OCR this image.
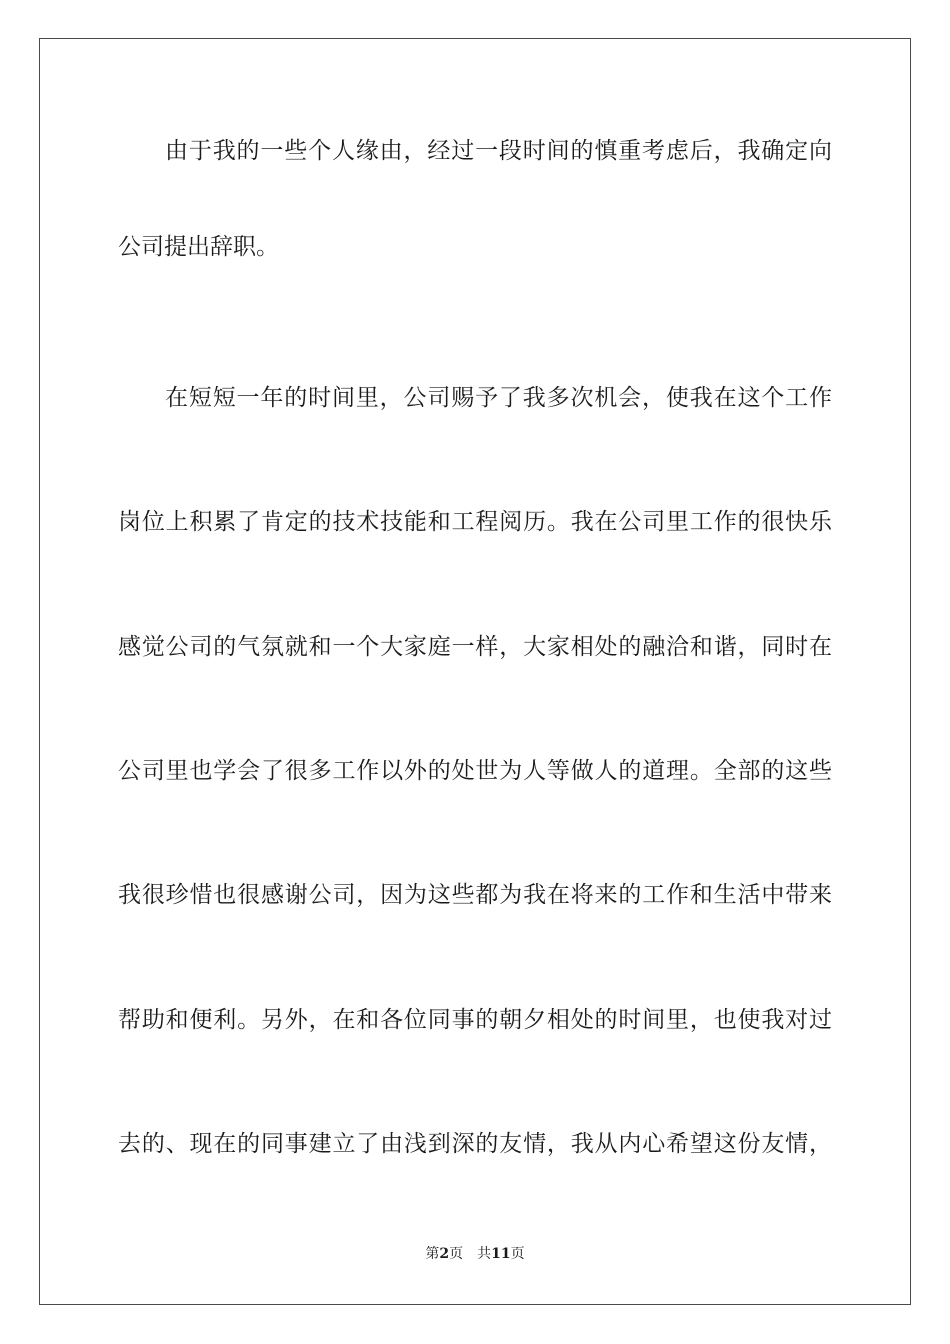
由于我的一些个人缘由，经过一段时间的慎重考虑后，我确定向
公司提出辞职。
在短短一年的时间里，公司赐予了我多次机会，使我在这个工作
岗位上积累了肯定的技术技能和工程阅历。我在公司里工作的很快乐
感觉公司的气氛就和一个大家庭一样，大家相处的融洽和谐，同时在
公司里也学会了很多工作以外的处世为人等做人的道理。全部的这些
我很珍惜也很感谢公司，因为这些都为我在将来的工作和生活中带来
帮助和便利。另外，在和各位同事的朝夕相处的时间里，也使我对过
去的、现在的同事建立了由浅到深的友情，我从内心希望这份友情，
第2页 共11页
